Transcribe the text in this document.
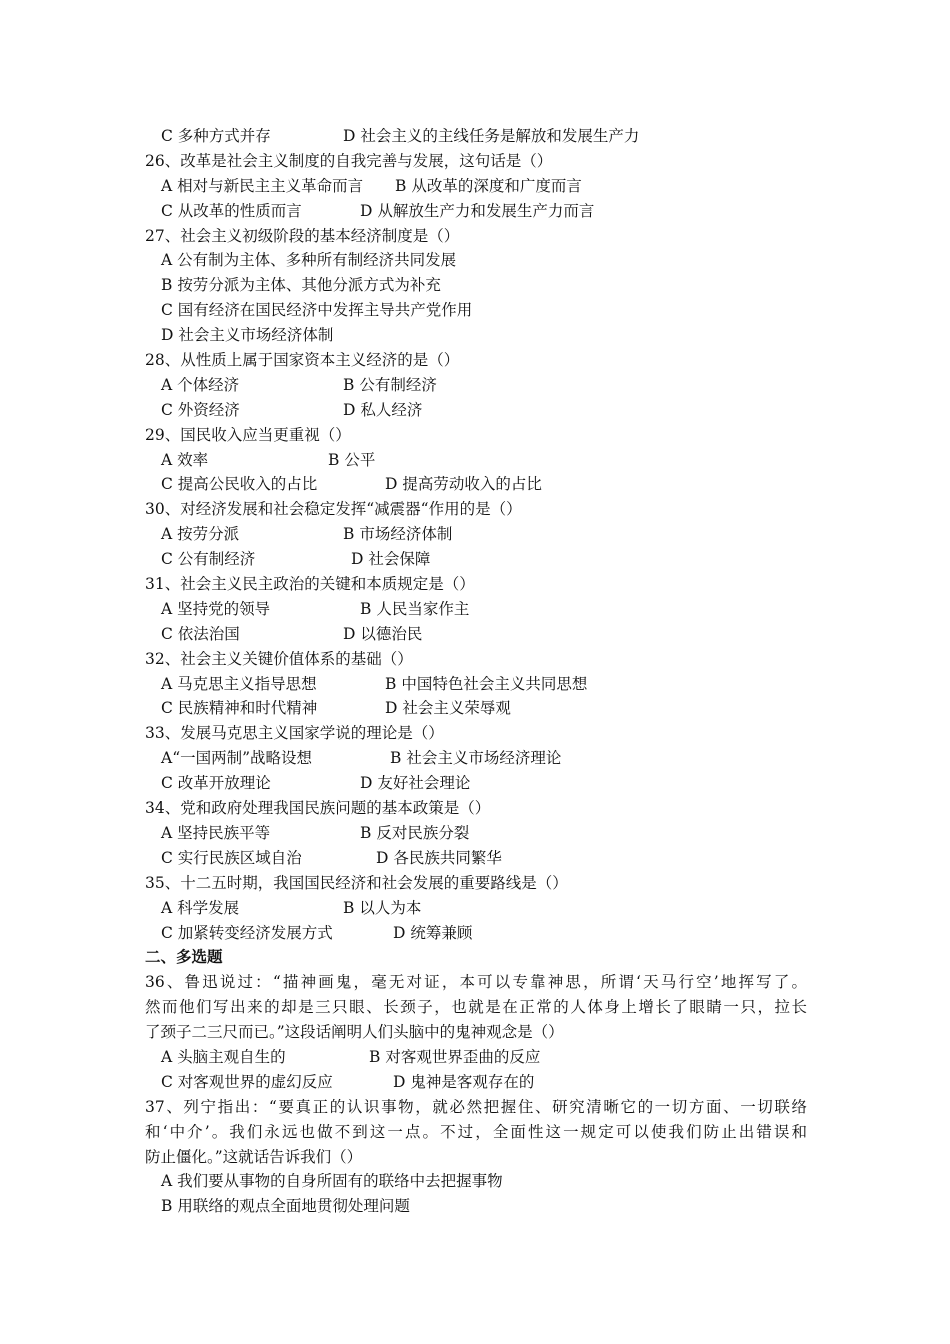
C 多种方式并存	D 社会主义的主线任务是解放和发展生产力
26、改革是社会主义制度的自我完善与发展，这句话是（）
A 相对与新民主主义革命而言 B 从改革的深度和广度而言
C 从改革的性质而言	D 从解放生产力和发展生产力而言
27、社会主义初级阶段的基本经济制度是（）
A 公有制为主体、多种所有制经济共同发展
B 按劳分派为主体、其他分派方式为补充
C 国有经济在国民经济中发挥主导共产党作用
D 社会主义市场经济体制
28、从性质上属于国家资本主义经济的是（）
A 个体经济	B 公有制经济
C 外资经济	D 私人经济
29、国民收入应当更重视（）
A 效率	B 公平
C 提高公民收入的占比	D 提高劳动收入的占比
30、对经济发展和社会稳定发挥“减震器“作用的是（）
A 按劳分派	B 市场经济体制
C 公有制经济	D 社会保障
31、社会主义民主政治的关键和本质规定是（）
A 坚持党的领导	B 人民当家作主
C 依法治国	D 以德治民
32、社会主义关键价值体系的基础（）
A 马克思主义指导思想	B 中国特色社会主义共同思想
C 民族精神和时代精神	D 社会主义荣辱观
33、发展马克思主义国家学说的理论是（）
A“一国两制”战略设想	B 社会主义市场经济理论
C 改革开放理论	D 友好社会理论
34、党和政府处理我国民族问题的基本政策是（）
A 坚持民族平等	B 反对民族分裂
C 实行民族区域自治	D 各民族共同繁华
35、十二五时期，我国国民经济和社会发展的重要路线是（）
A 科学发展	B 以人为本
C 加紧转变经济发展方式	D 统筹兼顾
二、多选题
36、鲁迅说过：“描神画鬼，毫无对证，本可以专靠神思，所谓‘天马行空’地挥写了。
然而他们写出来的却是三只眼、长颈子，也就是在正常的人体身上增长了眼睛一只，拉长
了颈子二三尺而已。”这段话阐明人们头脑中的鬼神观念是（）
A 头脑主观自生的	B 对客观世界歪曲的反应
C 对客观世界的虚幻反应	D 鬼神是客观存在的
37、列宁指出：“要真正的认识事物，就必然把握住、研究清晰它的一切方面、一切联络
和‘中介’。我们永远也做不到这一点。不过，全面性这一规定可以使我们防止出错误和
防止僵化。”这就话告诉我们（）
A 我们要从事物的自身所固有的联络中去把握事物
B 用联络的观点全面地贯彻处理问题
